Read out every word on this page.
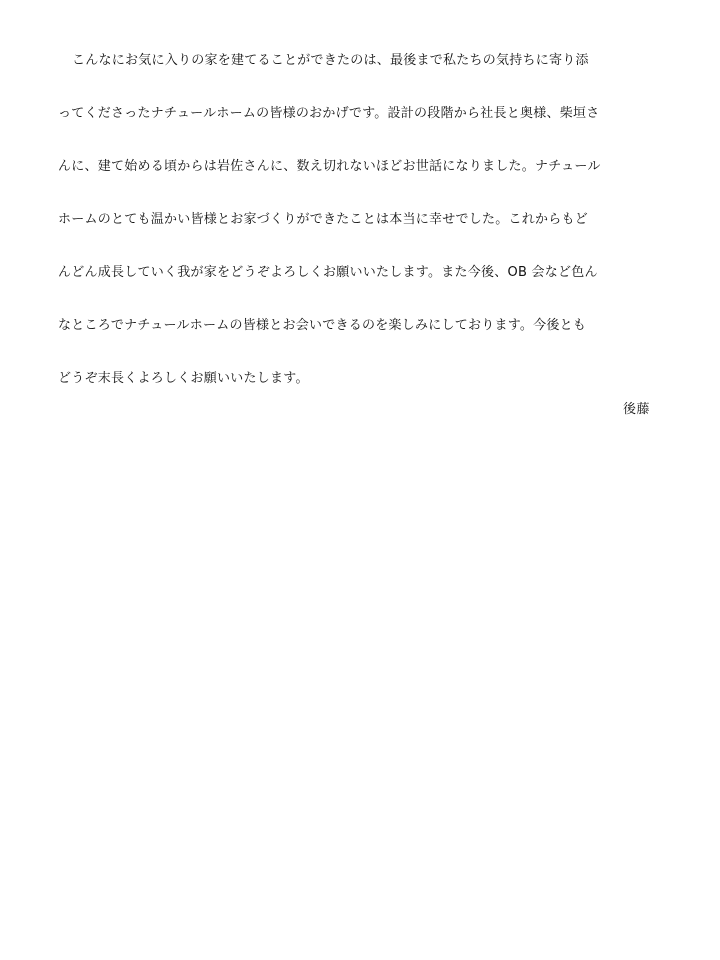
こんなにお気に入りの家を建てることができたのは、最後まで私たちの気持ちに寄り添
ってくださったナチュールホームの皆様のおかげです。設計の段階から社長と奥様、柴垣さ
んに、建て始める頃からは岩佐さんに、数え切れないほどお世話になりました。ナチュール
ホームのとても温かい皆様とお家づくりができたことは本当に幸せでした。これからもど
んどん成長していく我が家をどうぞよろしくお願いいたします。また今後、OB 会など色ん
なところでナチュールホームの皆様とお会いできるのを楽しみにしております。今後とも
どうぞ末長くよろしくお願いいたします。

後藤
